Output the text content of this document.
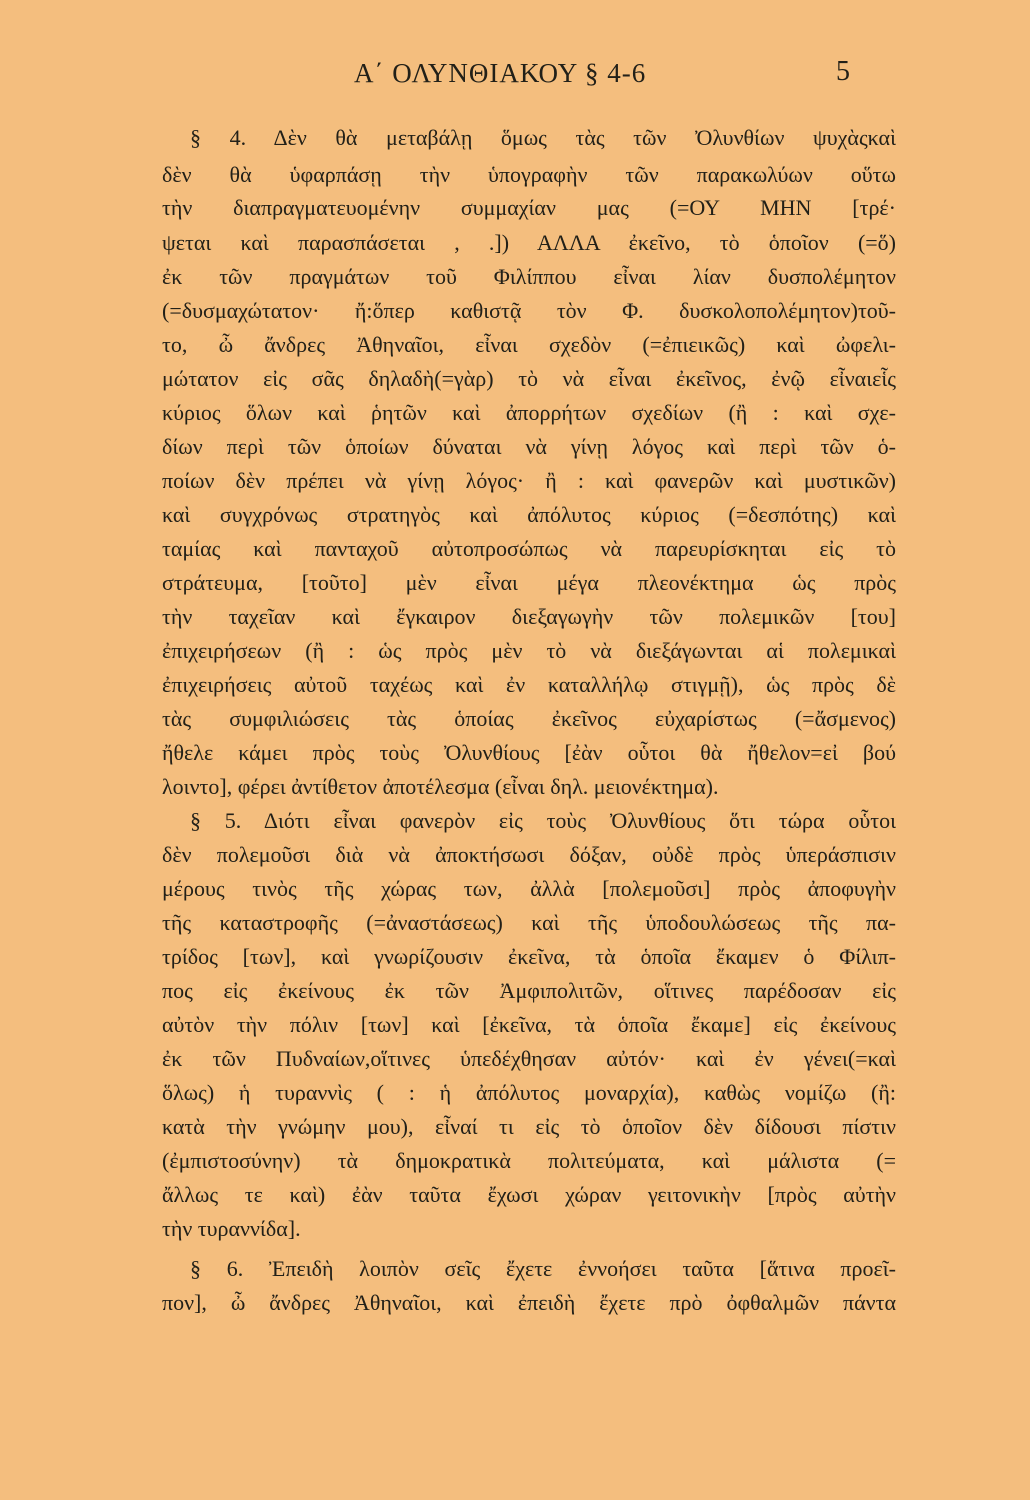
Α΄ ΟΛΥΝΘΙΑΚΟΥ § 4-6	5
§ 4. Δὲν θὰ μεταβάλῃ ὅμως τὰς τῶν Ὀλυνθίων ψυχὰςκαὶ
δὲν θὰ ὑφαρπάσῃ τὴν ὑπογραφὴν τῶν παρακωλύων οὕτω
τὴν διαπραγματευομένην συμμαχίαν μας (=ΟΥ ΜΗΝ [τρέ·
ψεται καὶ παρασπάσεται , .]) ΑΛΛΑ ἐκεῖνο, τὸ ὁποῖον (=ὅ)
ἐκ τῶν πραγμάτων τοῦ Φιλίππου εἶναι λίαν δυσπολέμητον
(=δυσμαχώτατον· ἤ:ὅπερ καθιστᾷ τὸν Φ. δυσκολοπολέμητον)τοῦ-
το, ὦ ἄνδρες Ἀθηναῖοι, εἶναι σχεδὸν (=ἐπιεικῶς) καὶ ὠφελι-
μώτατον εἰς σᾶς δηλαδὴ(=γὰρ) τὸ νὰ εἶναι ἐκεῖνος, ἐνῷ εἶναιεἷς
κύριος ὅλων καὶ ῥητῶν καὶ ἀπορρήτων σχεδίων (ἢ : καὶ σχε-
δίων περὶ τῶν ὁποίων δύναται νὰ γίνῃ λόγος καὶ περὶ τῶν ὁ-
ποίων δὲν πρέπει νὰ γίνῃ λόγος· ἢ : καὶ φανερῶν καὶ μυστικῶν)
καὶ συγχρόνως στρατηγὸς καὶ ἀπόλυτος κύριος (=δεσπότης) καὶ
ταμίας καὶ πανταχοῦ αὐτοπροσώπως νὰ παρευρίσκηται εἰς τὸ
στράτευμα, [τοῦτο] μὲν εἶναι μέγα πλεονέκτημα ὡς πρὸς
τὴν ταχεῖαν καὶ ἔγκαιρον διεξαγωγὴν τῶν πολεμικῶν [του]
ἐπιχειρήσεων (ἢ : ὡς πρὸς μὲν τὸ νὰ διεξάγωνται αἱ πολεμικαὶ
ἐπιχειρήσεις αὐτοῦ ταχέως καὶ ἐν καταλλήλῳ στιγμῇ), ὡς πρὸς δὲ
τὰς συμφιλιώσεις τὰς ὁποίας ἐκεῖνος εὐχαρίστως (=ἄσμενος)
ἤθελε κάμει πρὸς τοὺς Ὀλυνθίους [ἐὰν οὗτοι θὰ ἤθελον=εἰ βού
λοιντο], φέρει ἀντίθετον ἀποτέλεσμα (εἶναι δηλ. μειονέκτημα).
§ 5. Διότι εἶναι φανερὸν εἰς τοὺς Ὀλυνθίους ὅτι τώρα οὗτοι
δὲν πολεμοῦσι διὰ νὰ ἀποκτήσωσι δόξαν, οὐδὲ πρὸς ὑπεράσπισιν
μέρους τινὸς τῆς χώρας των, ἀλλὰ [πολεμοῦσι] πρὸς ἀποφυγὴν
τῆς καταστροφῆς (=ἀναστάσεως) καὶ τῆς ὑποδουλώσεως τῆς πα-
τρίδος [των], καὶ γνωρίζουσιν ἐκεῖνα, τὰ ὁποῖα ἔκαμεν ὁ Φίλιπ-
πος εἰς ἐκείνους ἐκ τῶν Ἀμφιπολιτῶν, οἵτινες παρέδοσαν εἰς
αὐτὸν τὴν πόλιν [των] καὶ [ἐκεῖνα, τὰ ὁποῖα ἔκαμε] εἰς ἐκείνους
ἐκ τῶν Πυδναίων,οἵτινες ὑπεδέχθησαν αὐτόν· καὶ ἐν γένει(=καὶ
ὅλως) ἡ τυραννὶς ( : ἡ ἀπόλυτος μοναρχία), καθὼς νομίζω (ἢ:
κατὰ τὴν γνώμην μου), εἶναί τι εἰς τὸ ὁποῖον δὲν δίδουσι πίστιν
(ἐμπιστοσύνην) τὰ δημοκρατικὰ πολιτεύματα, καὶ μάλιστα (=
ἄλλως τε καὶ) ἐὰν ταῦτα ἔχωσι χώραν γειτονικὴν [πρὸς αὐτὴν
τὴν τυραννίδα].
§ 6. Ἐπειδὴ λοιπὸν σεῖς ἔχετε ἐννοήσει ταῦτα [ἅτινα προεῖ-
πον], ὦ ἄνδρες Ἀθηναῖοι, καὶ ἐπειδὴ ἔχετε πρὸ ὀφθαλμῶν πάντα
